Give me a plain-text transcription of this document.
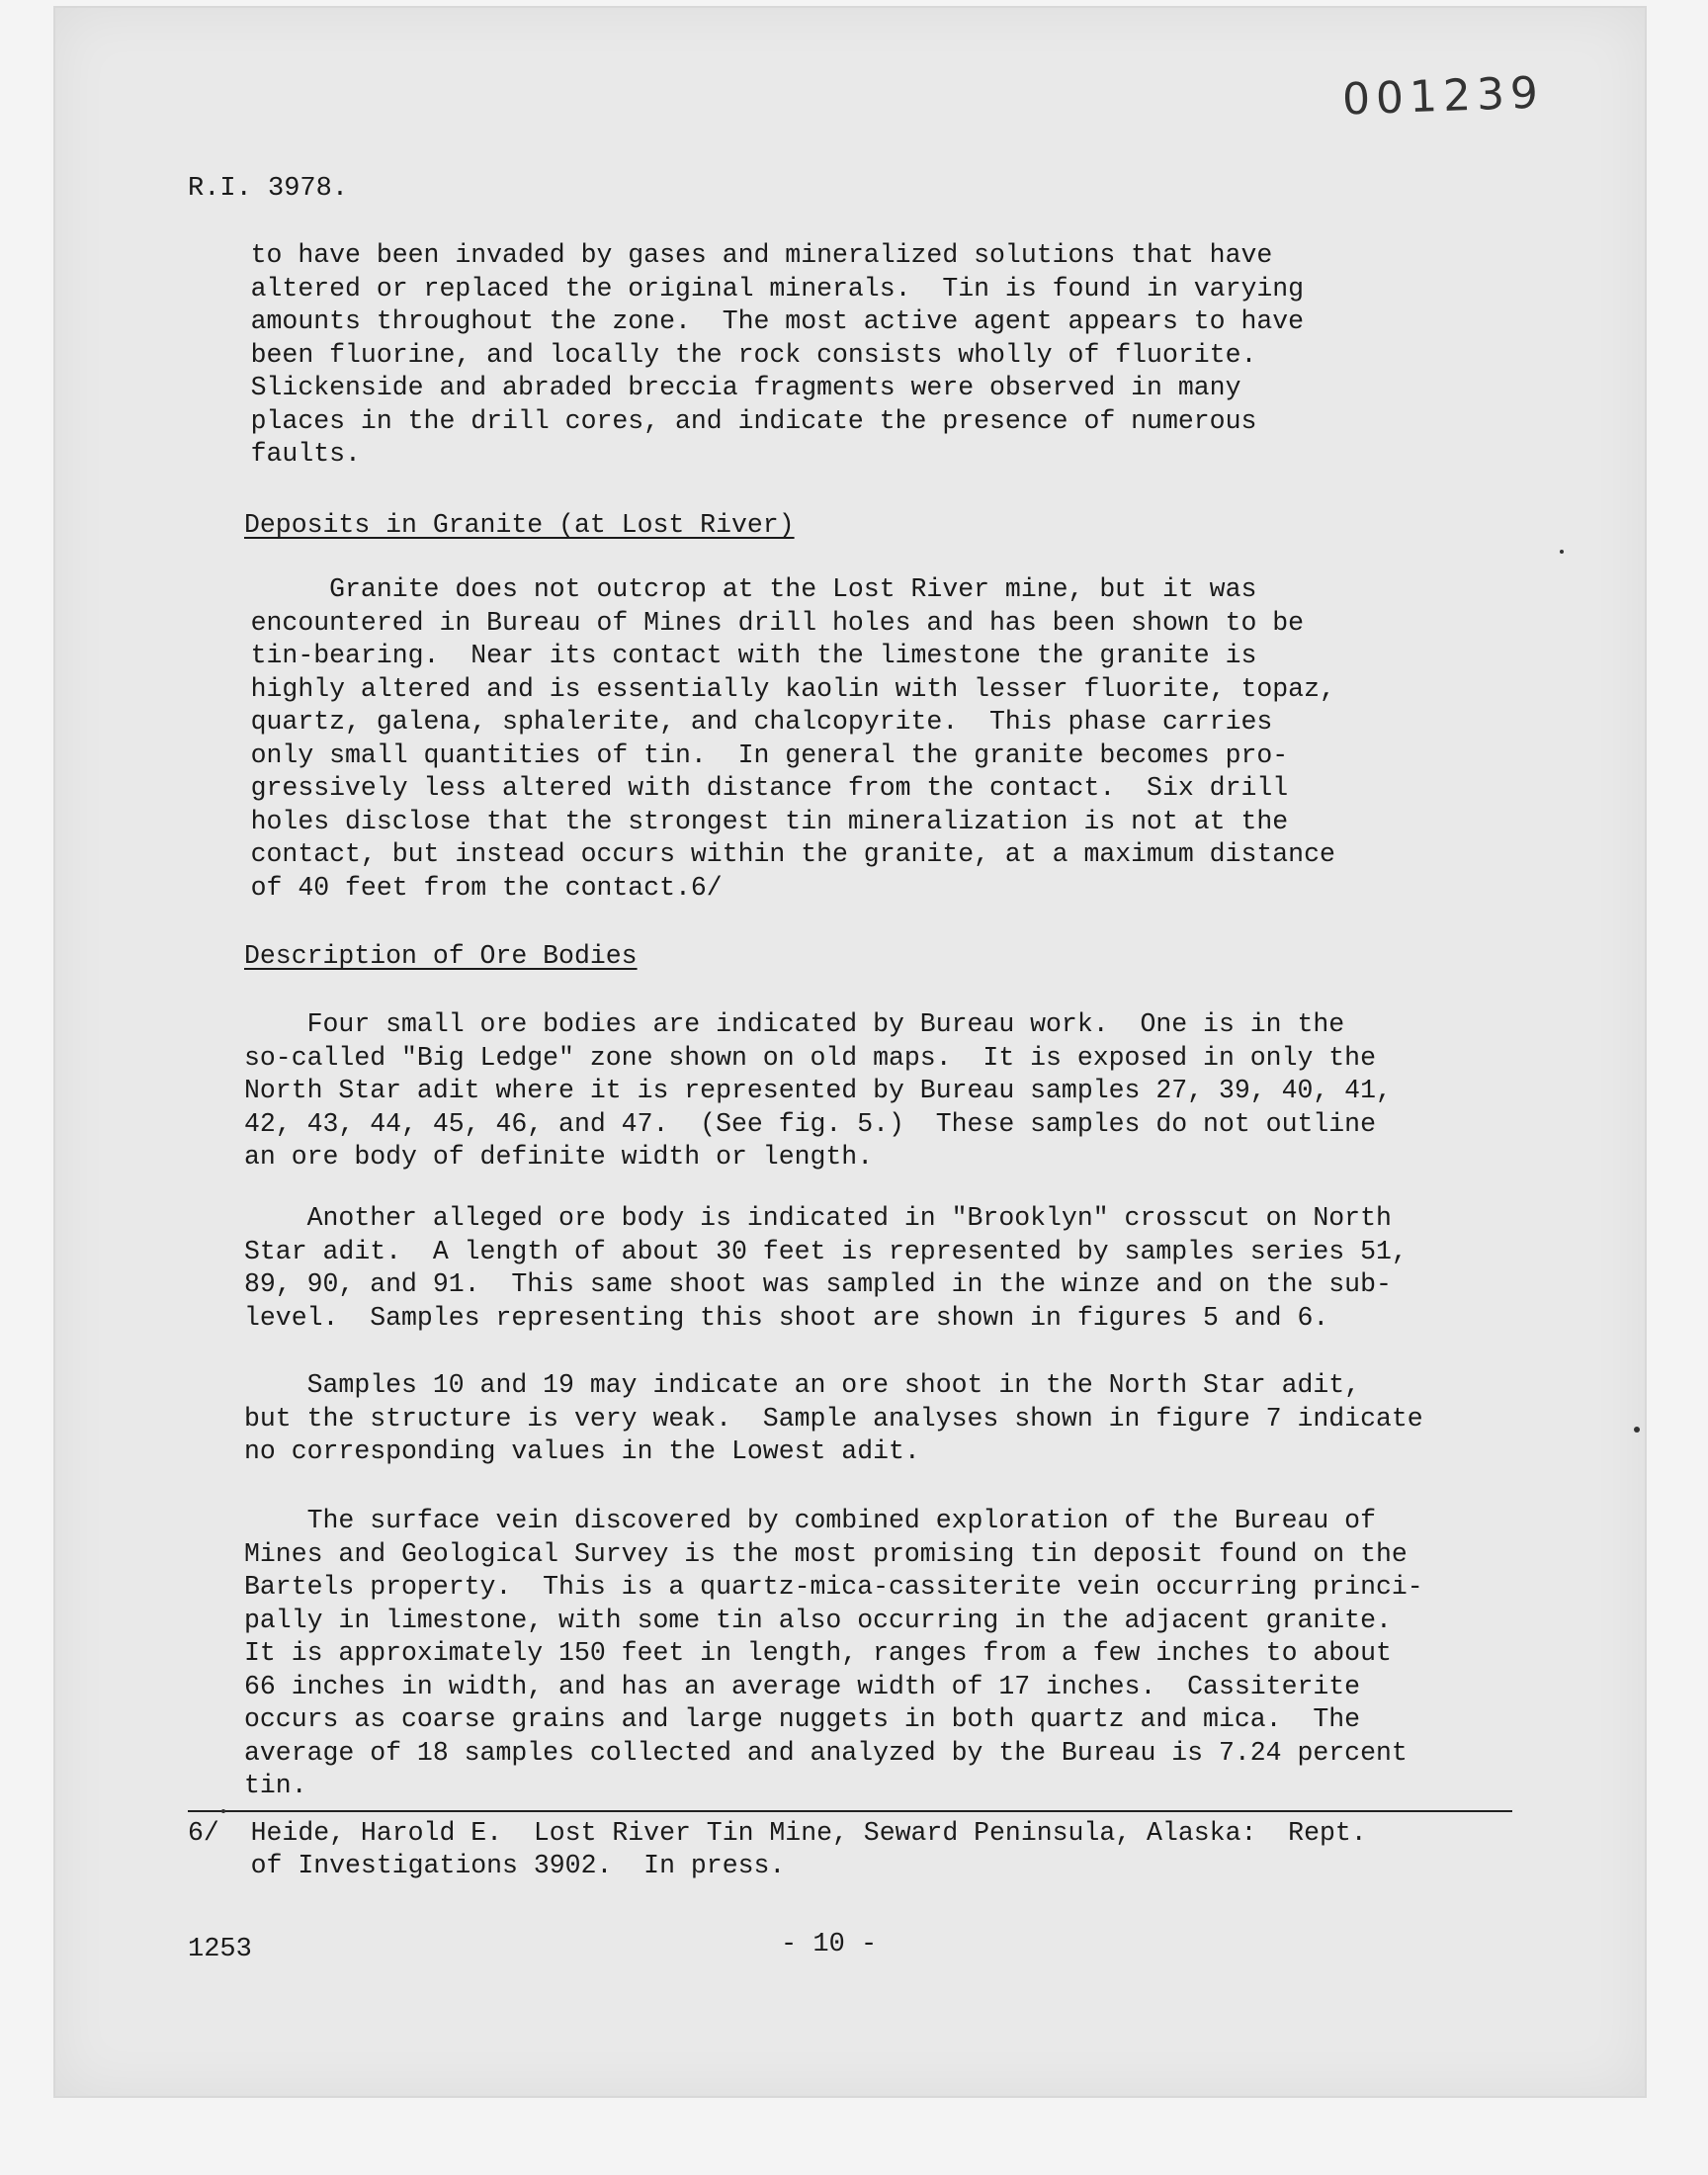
001239
R.I. 3978.
to have been invaded by gases and mineralized solutions that have
altered or replaced the original minerals.  Tin is found in varying
amounts throughout the zone.  The most active agent appears to have
been fluorine, and locally the rock consists wholly of fluorite.
Slickenside and abraded breccia fragments were observed in many
places in the drill cores, and indicate the presence of numerous
faults.
Deposits in Granite (at Lost River)
Granite does not outcrop at the Lost River mine, but it was
encountered in Bureau of Mines drill holes and has been shown to be
tin-bearing.  Near its contact with the limestone the granite is
highly altered and is essentially kaolin with lesser fluorite, topaz,
quartz, galena, sphalerite, and chalcopyrite.  This phase carries
only small quantities of tin.  In general the granite becomes pro-
gressively less altered with distance from the contact.  Six drill
holes disclose that the strongest tin mineralization is not at the
contact, but instead occurs within the granite, at a maximum distance
of 40 feet from the contact.6/
Description of Ore Bodies
Four small ore bodies are indicated by Bureau work.  One is in the
so-called "Big Ledge" zone shown on old maps.  It is exposed in only the
North Star adit where it is represented by Bureau samples 27, 39, 40, 41,
42, 43, 44, 45, 46, and 47.  (See fig. 5.)  These samples do not outline
an ore body of definite width or length.
Another alleged ore body is indicated in "Brooklyn" crosscut on North
Star adit.  A length of about 30 feet is represented by samples series 51,
89, 90, and 91.  This same shoot was sampled in the winze and on the sub-
level.  Samples representing this shoot are shown in figures 5 and 6.
Samples 10 and 19 may indicate an ore shoot in the North Star adit,
but the structure is very weak.  Sample analyses shown in figure 7 indicate
no corresponding values in the Lowest adit.
The surface vein discovered by combined exploration of the Bureau of
Mines and Geological Survey is the most promising tin deposit found on the
Bartels property.  This is a quartz-mica-cassiterite vein occurring princi-
pally in limestone, with some tin also occurring in the adjacent granite.
It is approximately 150 feet in length, ranges from a few inches to about
66 inches in width, and has an average width of 17 inches.  Cassiterite
occurs as coarse grains and large nuggets in both quartz and mica.  The
average of 18 samples collected and analyzed by the Bureau is 7.24 percent
tin.
6/  Heide, Harold E.  Lost River Tin Mine, Seward Peninsula, Alaska:  Rept.
of Investigations 3902.  In press.
1253	- 10 -
